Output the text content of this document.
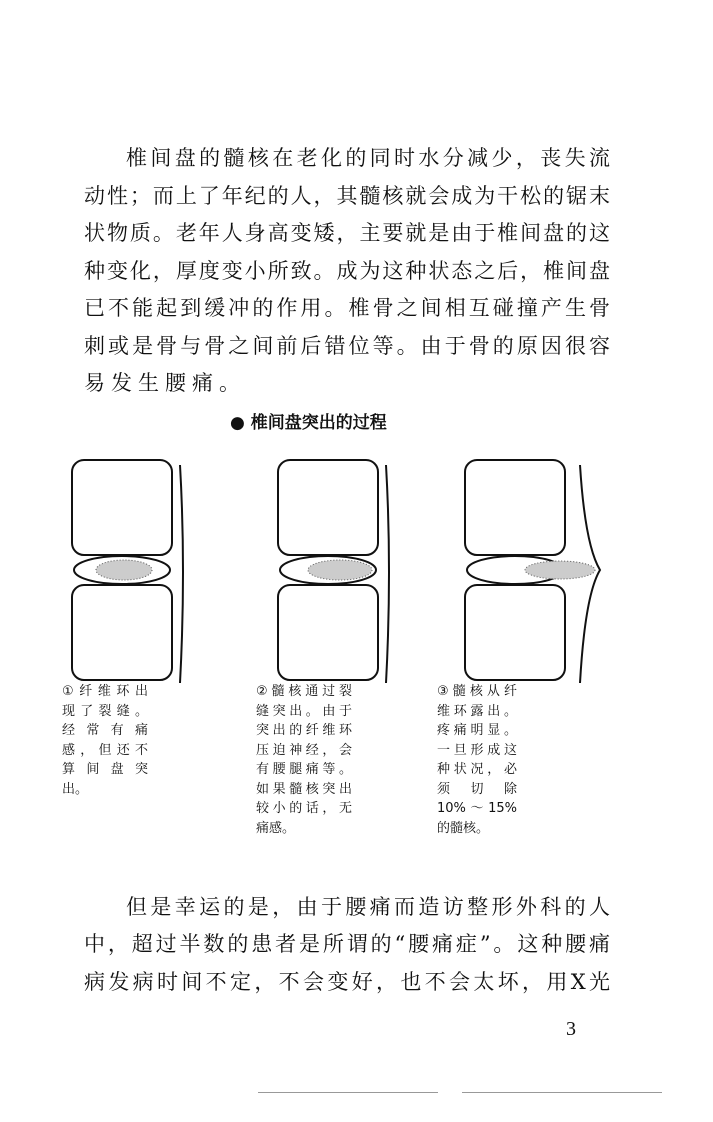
椎间盘的髓核在老化的同时水分减少，丧失流
动性；而上了年纪的人，其髓核就会成为干松的锯末
状物质。老年人身高变矮，主要就是由于椎间盘的这
种变化，厚度变小所致。成为这种状态之后，椎间盘
已不能起到缓冲的作用。椎骨之间相互碰撞产生骨
刺或是骨与骨之间前后错位等。由于骨的原因很容
易发生腰痛。
● 椎间盘突出的过程
①纤维环出
现了裂缝。
经常有痛
感，但还不
算间盘突
出。
②髓核通过裂
缝突出。由于
突出的纤维环
压迫神经，会
有腰腿痛等。
如果髓核突出
较小的话，无
痛感。
③髓核从纤
维环露出。
疼痛明显。
一旦形成这
种状况，必
须切除
10%～15%
的髓核。
但是幸运的是，由于腰痛而造访整形外科的人
中，超过半数的患者是所谓的“腰痛症”。这种腰痛
病发病时间不定，不会变好，也不会太坏，用X光
3
